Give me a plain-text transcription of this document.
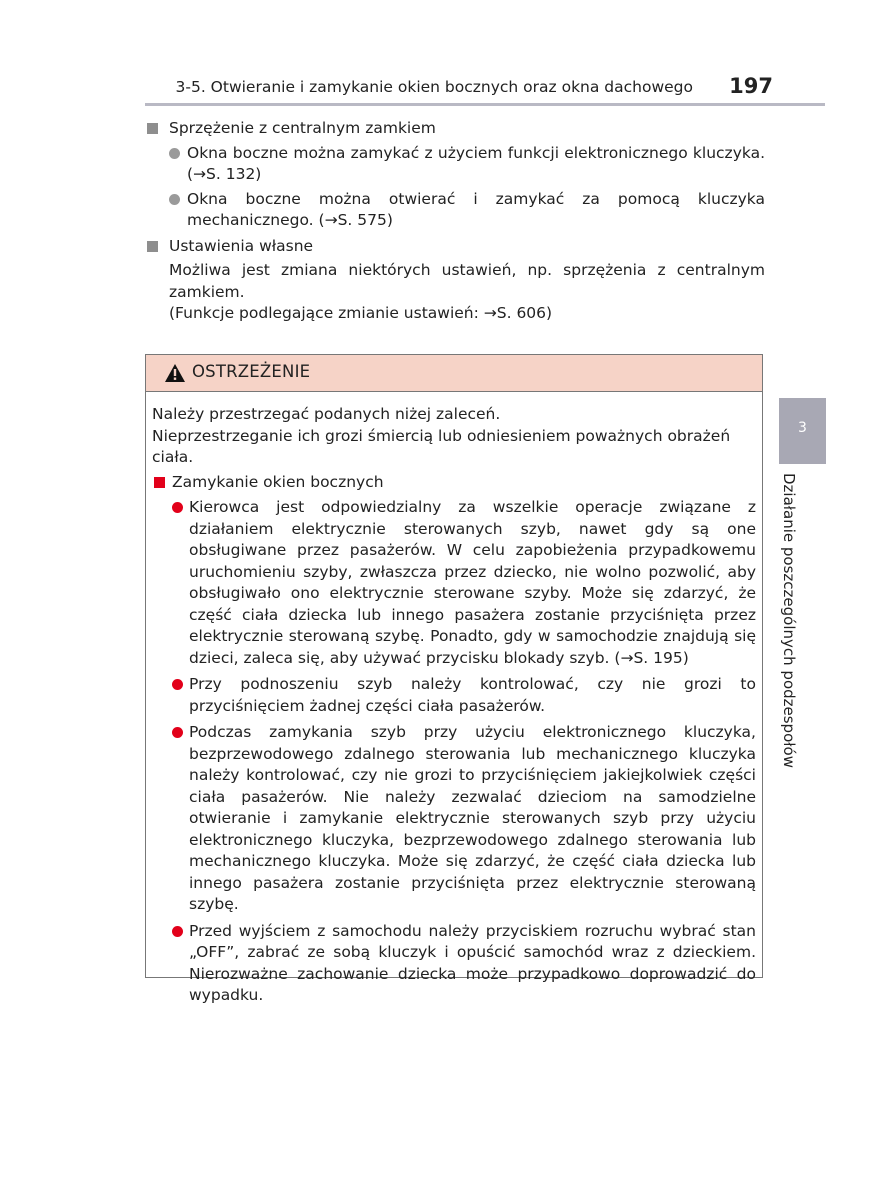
3-5. Otwieranie i zamykanie okien bocznych oraz okna dachowego 197
Sprzężenie z centralnym zamkiem
Okna boczne można zamykać z użyciem funkcji elektronicznego kluczyka. (→S. 132)
Okna boczne można otwierać i zamykać za pomocą kluczyka mechanicznego. (→S. 575)
Ustawienia własne
Możliwa jest zmiana niektórych ustawień, np. sprzężenia z centralnym zamkiem.
(Funkcje podlegające zmianie ustawień: →S. 606)
OSTRZEŻENIE
Należy przestrzegać podanych niżej zaleceń.
Nieprzestrzeganie ich grozi śmiercią lub odniesieniem poważnych obrażeń ciała.
Zamykanie okien bocznych
Kierowca jest odpowiedzialny za wszelkie operacje związane z działaniem elektrycznie sterowanych szyb, nawet gdy są one obsługiwane przez pasażerów. W celu zapobieżenia przypadkowemu uruchomieniu szyby, zwłaszcza przez dziecko, nie wolno pozwolić, aby obsługiwało ono elektrycznie sterowane szyby. Może się zdarzyć, że część ciała dziecka lub innego pasażera zostanie przyciśnięta przez elektrycznie sterowaną szybę. Ponadto, gdy w samochodzie znajdują się dzieci, zaleca się, aby używać przycisku blokady szyb. (→S. 195)
Przy podnoszeniu szyb należy kontrolować, czy nie grozi to przyciśnięciem żadnej części ciała pasażerów.
Podczas zamykania szyb przy użyciu elektronicznego kluczyka, bezprzewodowego zdalnego sterowania lub mechanicznego kluczyka należy kontrolować, czy nie grozi to przyciśnięciem jakiejkolwiek części ciała pasażerów. Nie należy zezwalać dzieciom na samodzielne otwieranie i zamykanie elektrycznie sterowanych szyb przy użyciu elektronicznego kluczyka, bezprzewodowego zdalnego sterowania lub mechanicznego kluczyka. Może się zdarzyć, że część ciała dziecka lub innego pasażera zostanie przyciśnięta przez elektrycznie sterowaną szybę.
Przed wyjściem z samochodu należy przyciskiem rozruchu wybrać stan „OFF”, zabrać ze sobą kluczyk i opuścić samochód wraz z dzieckiem. Nierozważne zachowanie dziecka może przypadkowo doprowadzić do wypadku.
3
Działanie poszczególnych podzespołów
